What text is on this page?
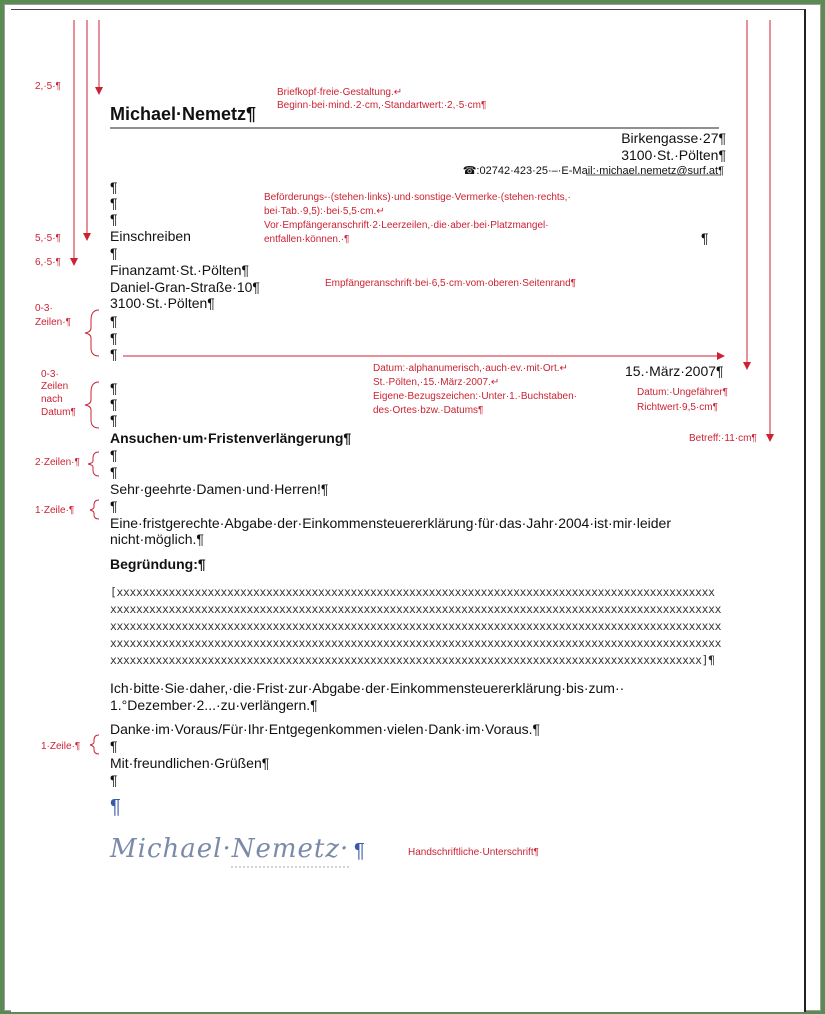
Michael·Nemetz¶
Birkengasse·27¶
3100·St.·Pölten¶
☎:02742·423·25·–·E-Mail:·michael.nemetz@surf.at¶
¶
¶
¶
Einschreiben	¶
¶
Finanzamt·St.·Pölten¶
Daniel-Gran-Straße·10¶
3100·St.·Pölten¶
¶
¶
¶
15.·März·2007¶
¶
¶
¶
Ansuchen·um·Fristenverlängerung¶
¶
¶
Sehr·geehrte·Damen·und·Herren!¶
¶
Eine·fristgerechte·Abgabe·der·Einkommensteuererklärung·für·das·Jahr·2004·ist·mir·leider
nicht·möglich.¶
Begründung:¶
[xxxxxxxxxxxxxxxxxxxxxxxxxxxxxxxxxxxxxxxxxxxxxxxxxxxxxxxxxxxxxxxxxxxxxxxxxxxxxxxxxxxxxxxxxxxx
xxxxxxxxxxxxxxxxxxxxxxxxxxxxxxxxxxxxxxxxxxxxxxxxxxxxxxxxxxxxxxxxxxxxxxxxxxxxxxxxxxxxxxxxxxxxxx
xxxxxxxxxxxxxxxxxxxxxxxxxxxxxxxxxxxxxxxxxxxxxxxxxxxxxxxxxxxxxxxxxxxxxxxxxxxxxxxxxxxxxxxxxxxxxx
xxxxxxxxxxxxxxxxxxxxxxxxxxxxxxxxxxxxxxxxxxxxxxxxxxxxxxxxxxxxxxxxxxxxxxxxxxxxxxxxxxxxxxxxxxxxxx
xxxxxxxxxxxxxxxxxxxxxxxxxxxxxxxxxxxxxxxxxxxxxxxxxxxxxxxxxxxxxxxxxxxxxxxxxxxxxxxxxxxxxxxxxxx]¶
Ich·bitte·Sie·daher,·die·Frist·zur·Abgabe·der·Einkommensteuererklärung·bis·zum··
1.°Dezember·2...·zu·verlängern.¶
Danke·im·Voraus/Für·Ihr·Entgegenkommen·vielen·Dank·im·Voraus.¶
¶
Mit·freundlichen·Grüßen¶
¶
¶
Michael·Nemetz· ¶
2,·5·¶
5,·5·¶
6,·5·¶
0-3·
Zeilen·¶
0-3·
Zeilen
nach
Datum¶
2·Zeilen·¶
1·Zeile·¶
1·Zeile·¶
Briefkopf·freie·Gestaltung.↵
Beginn·bei·mind.·2·cm,·Standartwert:·2,·5·cm¶
Beförderungs-·(stehen·links)·und·sonstige·Vermerke·(stehen·rechts,·
bei·Tab.·9,5):·bei·5,5·cm.↵
Vor·Empfängeranschrift·2·Leerzeilen,·die·aber·bei·Platzmangel·
entfallen·können.·¶
Empfängeranschrift·bei·6,5·cm·vom·oberen·Seitenrand¶
Datum:·alphanumerisch,·auch·ev.·mit·Ort.↵
St.·Pölten,·15.·März·2007.↵
Eigene·Bezugszeichen:·Unter·1.·Buchstaben·
des·Ortes·bzw.·Datums¶
Datum:·Ungefährer¶
Richtwert·9,5·cm¶
Betreff:·11·cm¶
Handschriftliche·Unterschrift¶
